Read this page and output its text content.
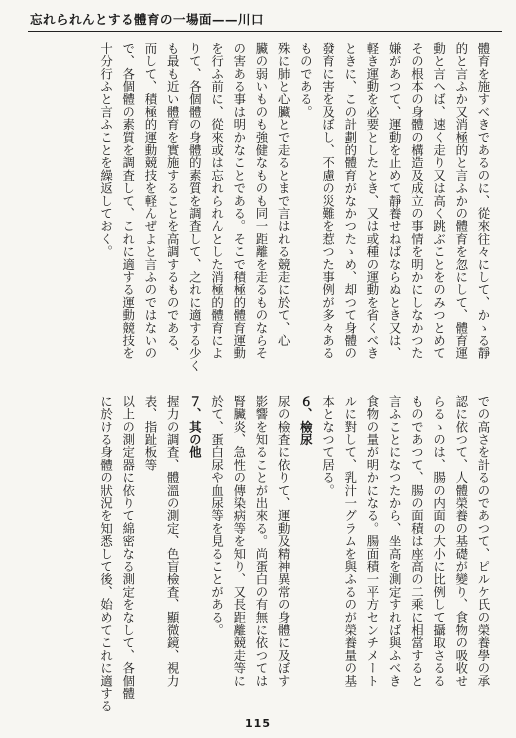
忘れられんとする體育の一場面——川口

體育を施すべきであるのに、從來往々にして、かゝる靜

的と言ふか又消極的と言ふかの體育を忽にして、體育運

動と言へば、速く走り又は高く跳ぶことをのみつとめて

その根本の身體の構造及成立の事情を明かにしなかつた

嫌があつて、運動を止めて靜養せねばならぬとき又は、

軽き運動を必要としたとき、又は或種の運動を省くべき

ときに、この計劃的體育がなかつたゝめ、却つて身體の

發育に害を及ぼし、不慮の災難を惹つた事例が多々ある

ものである。

殊に肺と心臟とで走るとまで言はれる競走に於て、心

臟の弱いものも強健なものも同一距離を走るものならそ

の害ある事は明かなことである。そこで積極的體育運動

を行ふ前に、從來或は忘れられんとした消極的體育によ

りて、各個體の身體的素質を調査して、之れに適する少く

も最も近い體育を實施することを高調するものである、

而して、積極的運動競技を軽んぜよと言ふのではないの

で、各個體の素質を調査して、これに適する運動競技を

十分行ふと言ふことを繰返しておく。

での高さを計るのであつて、ピルケ氏の榮養學の承

認に依つて、人體榮養の基礎が變り、食物の吸收せ

らるゝのは、腸の内面の大小に比例して攝取さるる

ものであつて、腸の面積は座高の二乘に相當すると

言ふことになつたから、坐高を測定すれば與ふべき

食物の量が明かになる。腸面積一平方センチメート

ルに對して、乳汁一グラムを與ふるのが榮養量の基

本となつて居る。

６、檢尿

尿の檢査に依りて、運動及精神異常の身體に及ぼす

影響を知ることが出來る。尚蛋白の有無に依つては

腎臟炎、急性の傳染病等を知り、又長距離競走等に

於て、蛋白尿や血尿等を見ることがある。

７、其の他

握力の調査、體溫の測定、色盲檢査、顯微鏡、視力

表、指趾板等

以上の測定器に依りて綿密なる測定をなして、各個體

に於ける身體の狀況を知悉して後、始めてこれに適する

115
